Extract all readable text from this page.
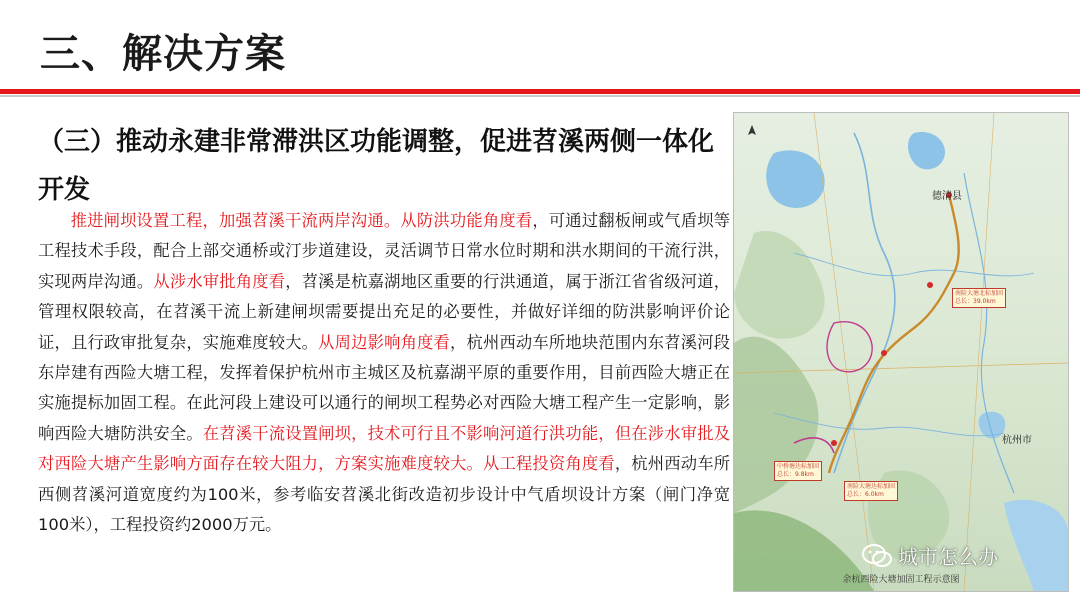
三、解决方案
（三）推动永建非常滞洪区功能调整，促进苕溪两侧一体化开发

推进闸坝设置工程，加强苕溪干流两岸沟通。从防洪功能角度看，可通过翻板闸或气盾坝等工程技术手段，配合上部交通桥或汀步道建设，灵活调节日常水位时期和洪水期间的干流行洪，实现两岸沟通。从涉水审批角度看，苕溪是杭嘉湖地区重要的行洪通道，属于浙江省省级河道，管理权限较高，在苕溪干流上新建闸坝需要提出充足的必要性，并做好详细的防洪影响评价论证，且行政审批复杂，实施难度较大。从周边影响角度看，杭州西动车所地块范围内东苕溪河段东岸建有西险大塘工程，发挥着保护杭州市主城区及杭嘉湖平原的重要作用，目前西险大塘正在实施提标加固工程。在此河段上建设可以通行的闸坝工程势必对西险大塘工程产生一定影响，影响西险大塘防洪安全。在苕溪干流设置闸坝，技术可行且不影响河道行洪功能，但在涉水审批及对西险大塘产生影响方面存在较大阻力，方案实施难度较大。从工程投资角度看，杭州西动车所西侧苕溪河道宽度约为100米，参考临安苕溪北街改造初步设计中气盾坝设计方案（闸门净宽100米），工程投资约2000万元。

德清县
杭州市
南险大塘北标加固
总长：39.0km
中桥塘达标加固
总长：9.8km
南险大塘达标加固
总长：6.0km
余杭西险大塘加固工程示意图
城市怎么办
